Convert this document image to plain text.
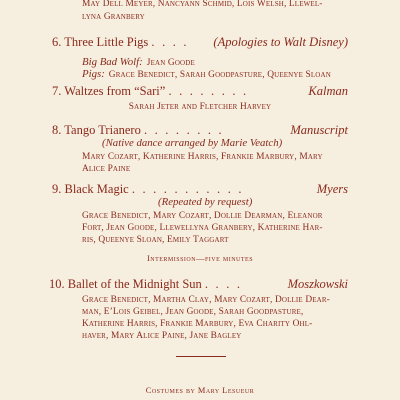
May Dell Meyer, Nancyann Schmid, Lois Welsh, Llewel-
lyna Granbery
6. Three Little Pigs . . . . (Apologies to Walt Disney)
Big Bad Wolf: Jean Goode
Pigs: Grace Benedict, Sarah Goodpasture, Queenye Sloan
7. Waltzes from “Sari” . . . . . . . .	Kalman
Sarah Jeter and Fletcher Harvey
8. Tango Trianero . . . . . . . .	Manuscript
(Native dance arranged by Marie Veatch)
Mary Cozart, Katherine Harris, Frankie Marbury, Mary
Alice Paine
9. Black Magic . . . . . . . . . . .	Myers
(Repeated by request)
Grace Benedict, Mary Cozart, Dollie Dearman, Eleanor
Fort, Jean Goode, Llewellyna Granbery, Katherine Har-
ris, Queenye Sloan, Emily Taggart
Intermission—five minutes
10. Ballet of the Midnight Sun . . . .	Moszkowski
Grace Benedict, Martha Clay, Mary Cozart, Dollie Dear-
man, E’Lois Geibel, Jean Goode, Sarah Goodpasture,
Katherine Harris, Frankie Marbury, Eva Charity Ohl-
haver, Mary Alice Paine, Jane Bagley
Costumes by Mary Lesueur
